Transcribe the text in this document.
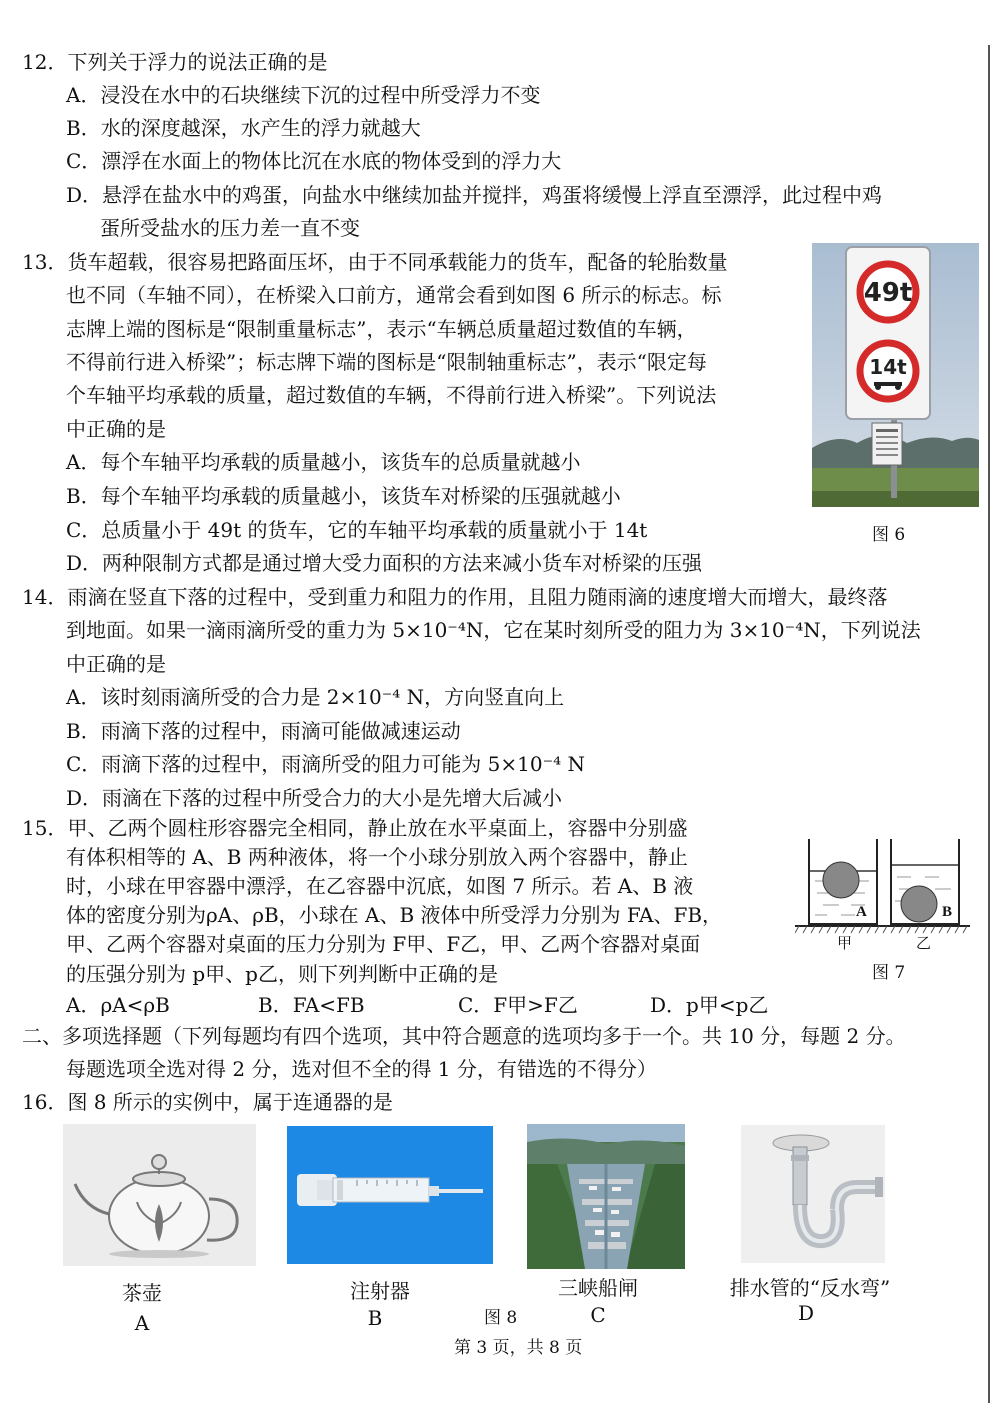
12．下列关于浮力的说法正确的是
A．浸没在水中的石块继续下沉的过程中所受浮力不变
B．水的深度越深，水产生的浮力就越大
C．漂浮在水面上的物体比沉在水底的物体受到的浮力大
D．悬浮在盐水中的鸡蛋，向盐水中继续加盐并搅拌，鸡蛋将缓慢上浮直至漂浮，此过程中鸡
蛋所受盐水的压力差一直不变
13．货车超载，很容易把路面压坏，由于不同承载能力的货车，配备的轮胎数量
也不同（车轴不同），在桥梁入口前方，通常会看到如图 6 所示的标志。标
志牌上端的图标是“限制重量标志”，表示“车辆总质量超过数值的车辆，
不得前行进入桥梁”；标志牌下端的图标是“限制轴重标志”，表示“限定每
个车轴平均承载的质量，超过数值的车辆，不得前行进入桥梁”。下列说法
中正确的是
A．每个车轴平均承载的质量越小，该货车的总质量就越小
B．每个车轴平均承载的质量越小，该货车对桥梁的压强就越小
C．总质量小于 49t 的货车，它的车轴平均承载的质量就小于 14t
D．两种限制方式都是通过增大受力面积的方法来减小货车对桥梁的压强
49t
14t
图 6
14．雨滴在竖直下落的过程中，受到重力和阻力的作用，且阻力随雨滴的速度增大而增大，最终落
到地面。如果一滴雨滴所受的重力为 5×10⁻⁴N，它在某时刻所受的阻力为 3×10⁻⁴N，下列说法
中正确的是
A．该时刻雨滴所受的合力是 2×10⁻⁴ N，方向竖直向上
B．雨滴下落的过程中，雨滴可能做减速运动
C．雨滴下落的过程中，雨滴所受的阻力可能为 5×10⁻⁴ N
D．雨滴在下落的过程中所受合力的大小是先增大后减小
15．甲、乙两个圆柱形容器完全相同，静止放在水平桌面上，容器中分别盛
有体积相等的 A、B 两种液体，将一个小球分别放入两个容器中，静止
时，小球在甲容器中漂浮，在乙容器中沉底，如图 7 所示。若 A、B 液
体的密度分别为ρA、ρB，小球在 A、B 液体中所受浮力分别为 FA、FB，
甲、乙两个容器对桌面的压力分别为 F甲、F乙，甲、乙两个容器对桌面
的压强分别为 p甲、p乙，则下列判断中正确的是
A．ρA<ρB	B．FA<FB	C．F甲>F乙	D．p甲<p乙
A	B
甲	乙
图 7
二、多项选择题（下列每题均有四个选项，其中符合题意的选项均多于一个。共 10 分，每题 2 分。
每题选项全选对得 2 分，选对但不全的得 1 分，有错选的不得分）
16．图 8 所示的实例中，属于连通器的是
茶壶
A
注射器
B	图 8
三峡船闸
C
排水管的“反水弯”
D
第 3 页，共 8 页
